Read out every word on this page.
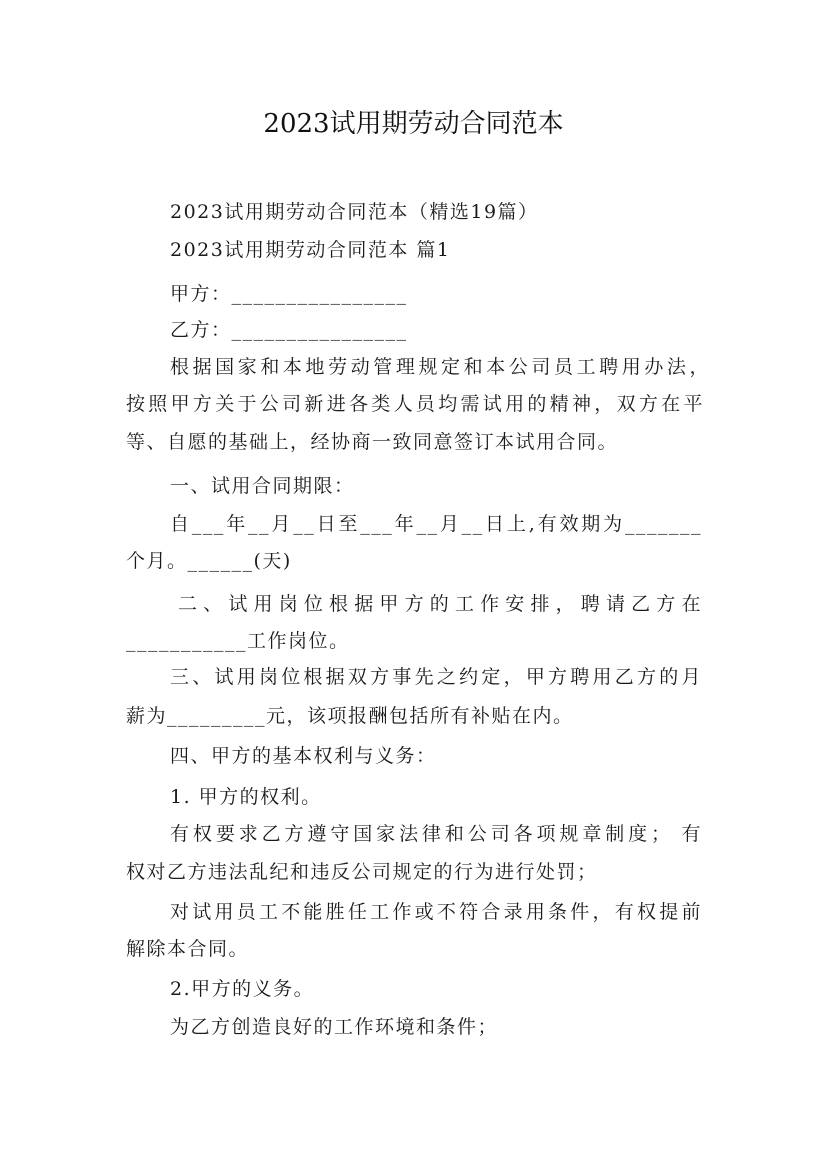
2023试用期劳动合同范本
2023试用期劳动合同范本（精选19篇）
2023试用期劳动合同范本 篇1
甲方：________________
乙方：________________
根据国家和本地劳动管理规定和本公司员工聘用办法，
按照甲方关于公司新进各类人员均需试用的精神，双方在平
等、自愿的基础上，经协商一致同意签订本试用合同。
一、试用合同期限：
自___年__月__日至___年__月__日上,有效期为_______
个月。______(天)
二、试用岗位根据甲方的工作安排，聘请乙方在
___________工作岗位。
三、试用岗位根据双方事先之约定，甲方聘用乙方的月
薪为_________元，该项报酬包括所有补贴在内。
四、甲方的基本权利与义务：
1. 甲方的权利。
有权要求乙方遵守国家法律和公司各项规章制度； 有
权对乙方违法乱纪和违反公司规定的行为进行处罚；
对试用员工不能胜任工作或不符合录用条件，有权提前
解除本合同。
2.甲方的义务。
为乙方创造良好的工作环境和条件；
